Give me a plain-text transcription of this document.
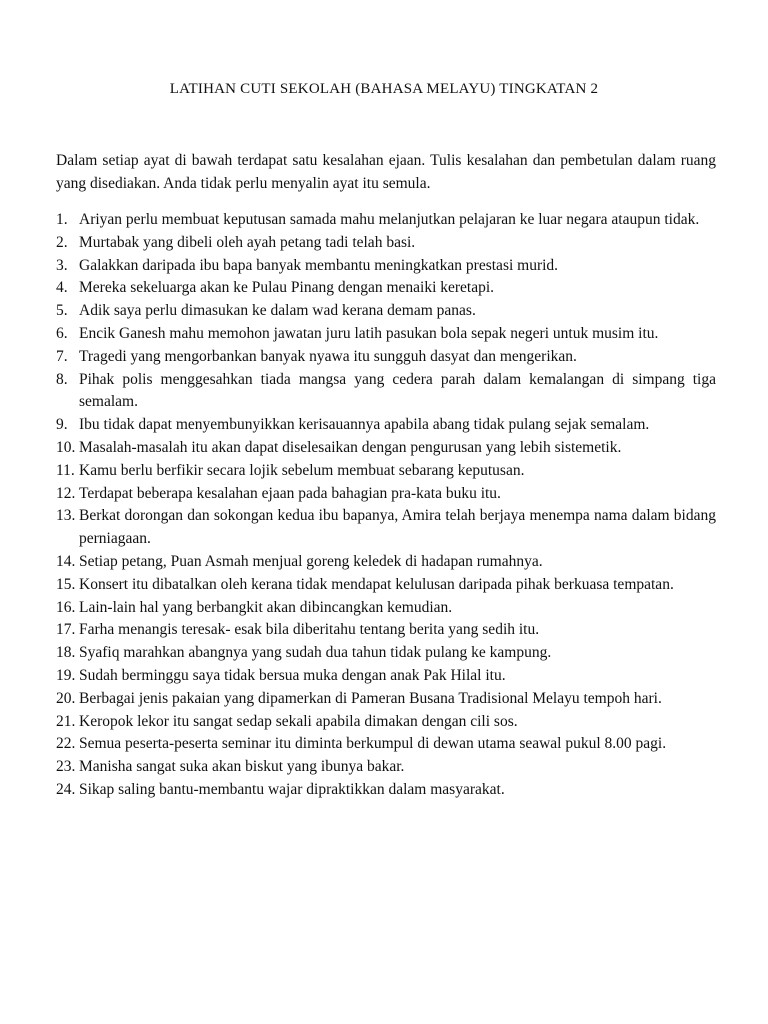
LATIHAN CUTI SEKOLAH (BAHASA MELAYU) TINGKATAN 2
Dalam setiap ayat di bawah terdapat satu kesalahan ejaan. Tulis kesalahan dan pembetulan dalam ruang yang disediakan. Anda tidak perlu menyalin ayat itu semula.
1. Ariyan perlu membuat keputusan samada mahu melanjutkan pelajaran ke luar negara ataupun tidak.
2. Murtabak yang dibeli oleh ayah petang tadi telah basi.
3. Galakkan daripada ibu bapa banyak membantu meningkatkan prestasi murid.
4. Mereka sekeluarga akan ke Pulau Pinang dengan menaiki keretapi.
5. Adik saya perlu dimasukan ke dalam wad kerana demam panas.
6. Encik Ganesh mahu memohon jawatan juru latih pasukan bola sepak negeri untuk musim itu.
7. Tragedi yang mengorbankan banyak nyawa itu sungguh dasyat dan mengerikan.
8. Pihak polis menggesahkan tiada mangsa yang cedera parah dalam kemalangan di simpang tiga semalam.
9. Ibu tidak dapat menyembunyikkan kerisauannya apabila abang tidak pulang sejak semalam.
10. Masalah-masalah itu akan dapat diselesaikan dengan pengurusan yang lebih sistemetik.
11. Kamu berlu berfikir secara lojik sebelum membuat sebarang keputusan.
12. Terdapat beberapa kesalahan ejaan pada bahagian pra-kata buku itu.
13. Berkat dorongan dan sokongan kedua ibu bapanya, Amira telah berjaya menempa nama dalam bidang perniagaan.
14. Setiap petang, Puan Asmah menjual goreng keledek di hadapan rumahnya.
15. Konsert itu dibatalkan oleh kerana tidak mendapat kelulusan daripada pihak berkuasa tempatan.
16. Lain-lain hal yang berbangkit akan dibincangkan kemudian.
17. Farha menangis teresak- esak bila diberitahu tentang berita yang sedih itu.
18. Syafiq marahkan abangnya yang sudah dua tahun tidak pulang ke kampung.
19. Sudah berminggu saya tidak bersua muka dengan anak Pak Hilal itu.
20. Berbagai jenis pakaian yang dipamerkan di Pameran Busana Tradisional Melayu tempoh hari.
21. Keropok lekor itu sangat sedap sekali apabila dimakan dengan cili sos.
22. Semua peserta-peserta seminar itu diminta berkumpul di dewan utama seawal pukul 8.00 pagi.
23. Manisha sangat suka akan biskut yang ibunya bakar.
24. Sikap saling bantu-membantu wajar dipraktikkan dalam masyarakat.
